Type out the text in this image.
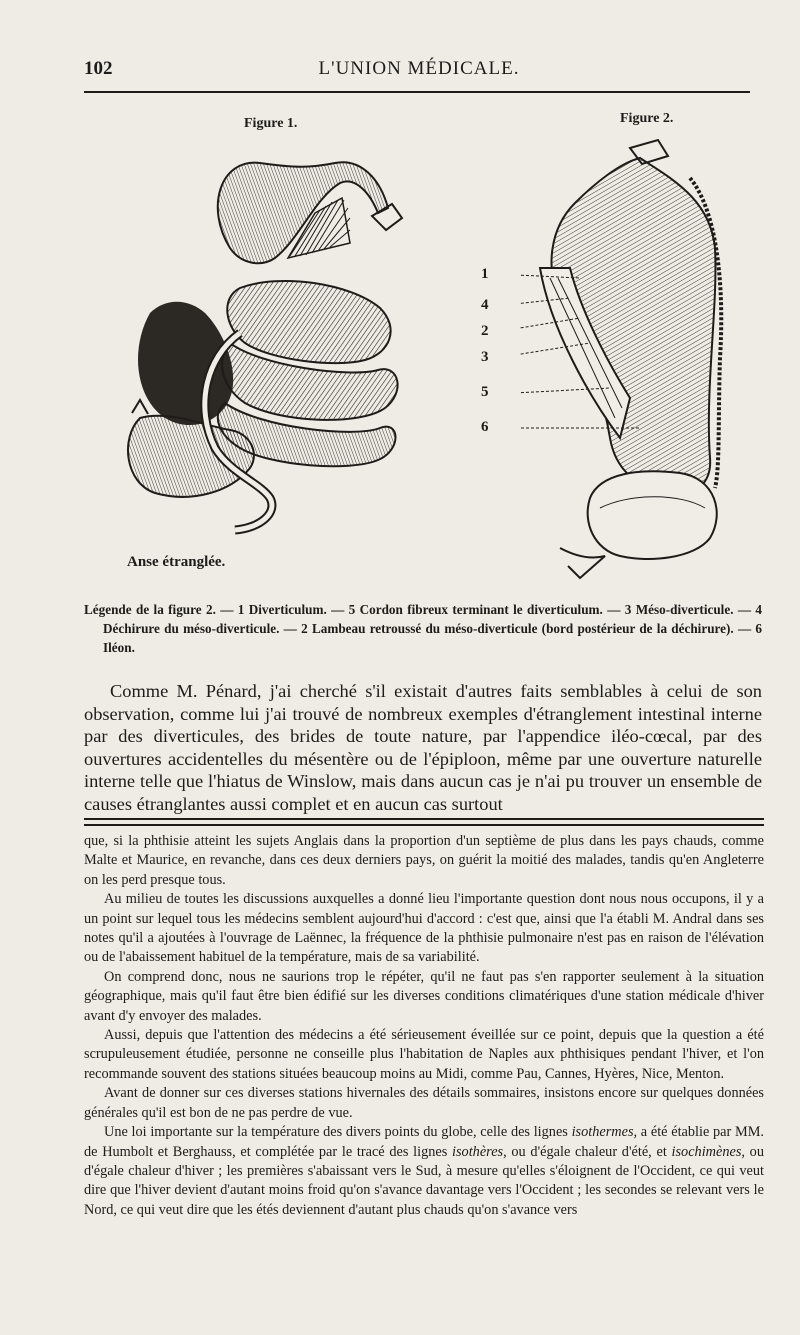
102	L'UNION MÉDICALE.
Figure 1.	Figure 2.
Anse étranglée.
1
4
2
3
5
6

Légende de la figure 2. — 1 Diverticulum. — 5 Cordon fibreux terminant le diverticulum. — 3 Méso-diverticule. — 4 Déchirure du méso-diverticule. — 2 Lambeau retroussé du méso-diverticule (bord postérieur de la déchirure). — 6 Iléon.

Comme M. Pénard, j'ai cherché s'il existait d'autres faits semblables à celui de son observation, comme lui j'ai trouvé de nombreux exemples d'étranglement intestinal interne par des diverticules, des brides de toute nature, par l'appendice iléo-cœcal, par des ouvertures accidentelles du mésentère ou de l'épiploon, même par une ouverture naturelle interne telle que l'hiatus de Winslow, mais dans aucun cas je n'ai pu trouver un ensemble de causes étranglantes aussi complet et en aucun cas surtout

que, si la phthisie atteint les sujets Anglais dans la proportion d'un septième de plus dans les pays chauds, comme Malte et Maurice, en revanche, dans ces deux derniers pays, on guérit la moitié des malades, tandis qu'en Angleterre on les perd presque tous.

Au milieu de toutes les discussions auxquelles a donné lieu l'importante question dont nous nous occupons, il y a un point sur lequel tous les médecins semblent aujourd'hui d'accord : c'est que, ainsi que l'a établi M. Andral dans ses notes qu'il a ajoutées à l'ouvrage de Laënnec, la fréquence de la phthisie pulmonaire n'est pas en raison de l'élévation ou de l'abaissement habituel de la température, mais de sa variabilité.

On comprend donc, nous ne saurions trop le répéter, qu'il ne faut pas s'en rapporter seulement à la situation géographique, mais qu'il faut être bien édifié sur les diverses conditions climatériques d'une station médicale d'hiver avant d'y envoyer des malades.

Aussi, depuis que l'attention des médecins a été sérieusement éveillée sur ce point, depuis que la question a été scrupuleusement étudiée, personne ne conseille plus l'habitation de Naples aux phthisiques pendant l'hiver, et l'on recommande souvent des stations situées beaucoup moins au Midi, comme Pau, Cannes, Hyères, Nice, Menton.

Avant de donner sur ces diverses stations hivernales des détails sommaires, insistons encore sur quelques données générales qu'il est bon de ne pas perdre de vue.

Une loi importante sur la température des divers points du globe, celle des lignes isothermes, a été établie par MM. de Humbolt et Berghauss, et complétée par le tracé des lignes isothères, ou d'égale chaleur d'été, et isochimènes, ou d'égale chaleur d'hiver ; les premières s'abaissant vers le Sud, à mesure qu'elles s'éloignent de l'Occident, ce qui veut dire que l'hiver devient d'autant moins froid qu'on s'avance davantage vers l'Occident ; les secondes se relevant vers le Nord, ce qui veut dire que les étés deviennent d'autant plus chauds qu'on s'avance vers
